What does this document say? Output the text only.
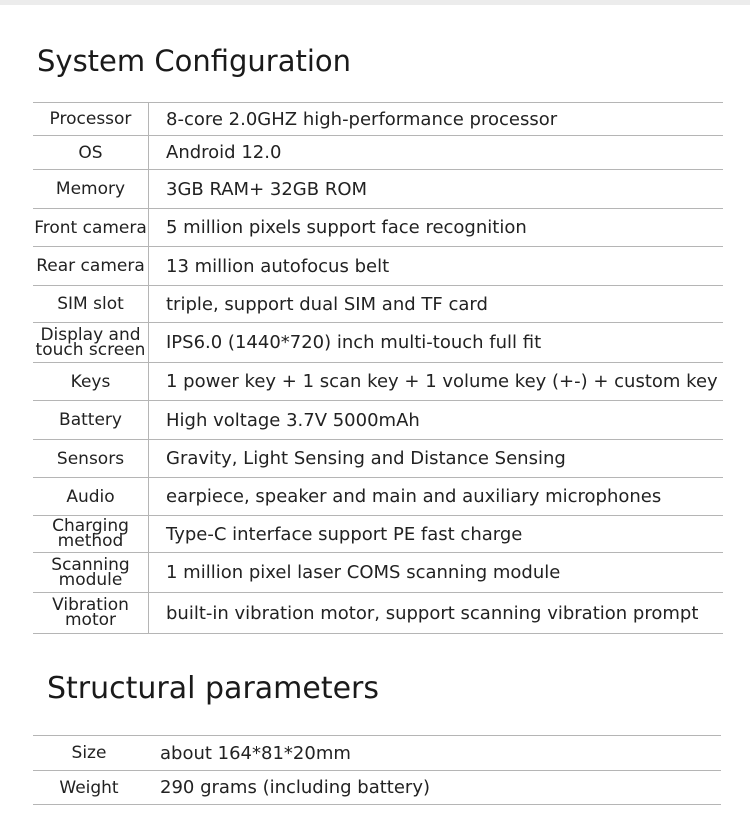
System Configuration
Processor	8-core 2.0GHZ high-performance processor
OS	Android 12.0
Memory	3GB RAM+ 32GB ROM
Front camera	5 million pixels support face recognition
Rear camera	13 million autofocus belt
SIM slot	triple, support dual SIM and TF card

Display and
touch screen	IPS6.0 (1440*720) inch multi-touch full fit
Keys	1 power key + 1 scan key + 1 volume key (+-) + custom key
Battery	High voltage 3.7V 5000mAh
Sensors	Gravity, Light Sensing and Distance Sensing
Audio	earpiece, speaker and main and auxiliary microphones

Charging
method	Type-C interface support PE fast charge

Scanning
module	1 million pixel laser COMS scanning module

Vibration
motor	built-in vibration motor, support scanning vibration prompt
Structural parameters
Size	about 164*81*20mm
Weight	290 grams (including battery)
